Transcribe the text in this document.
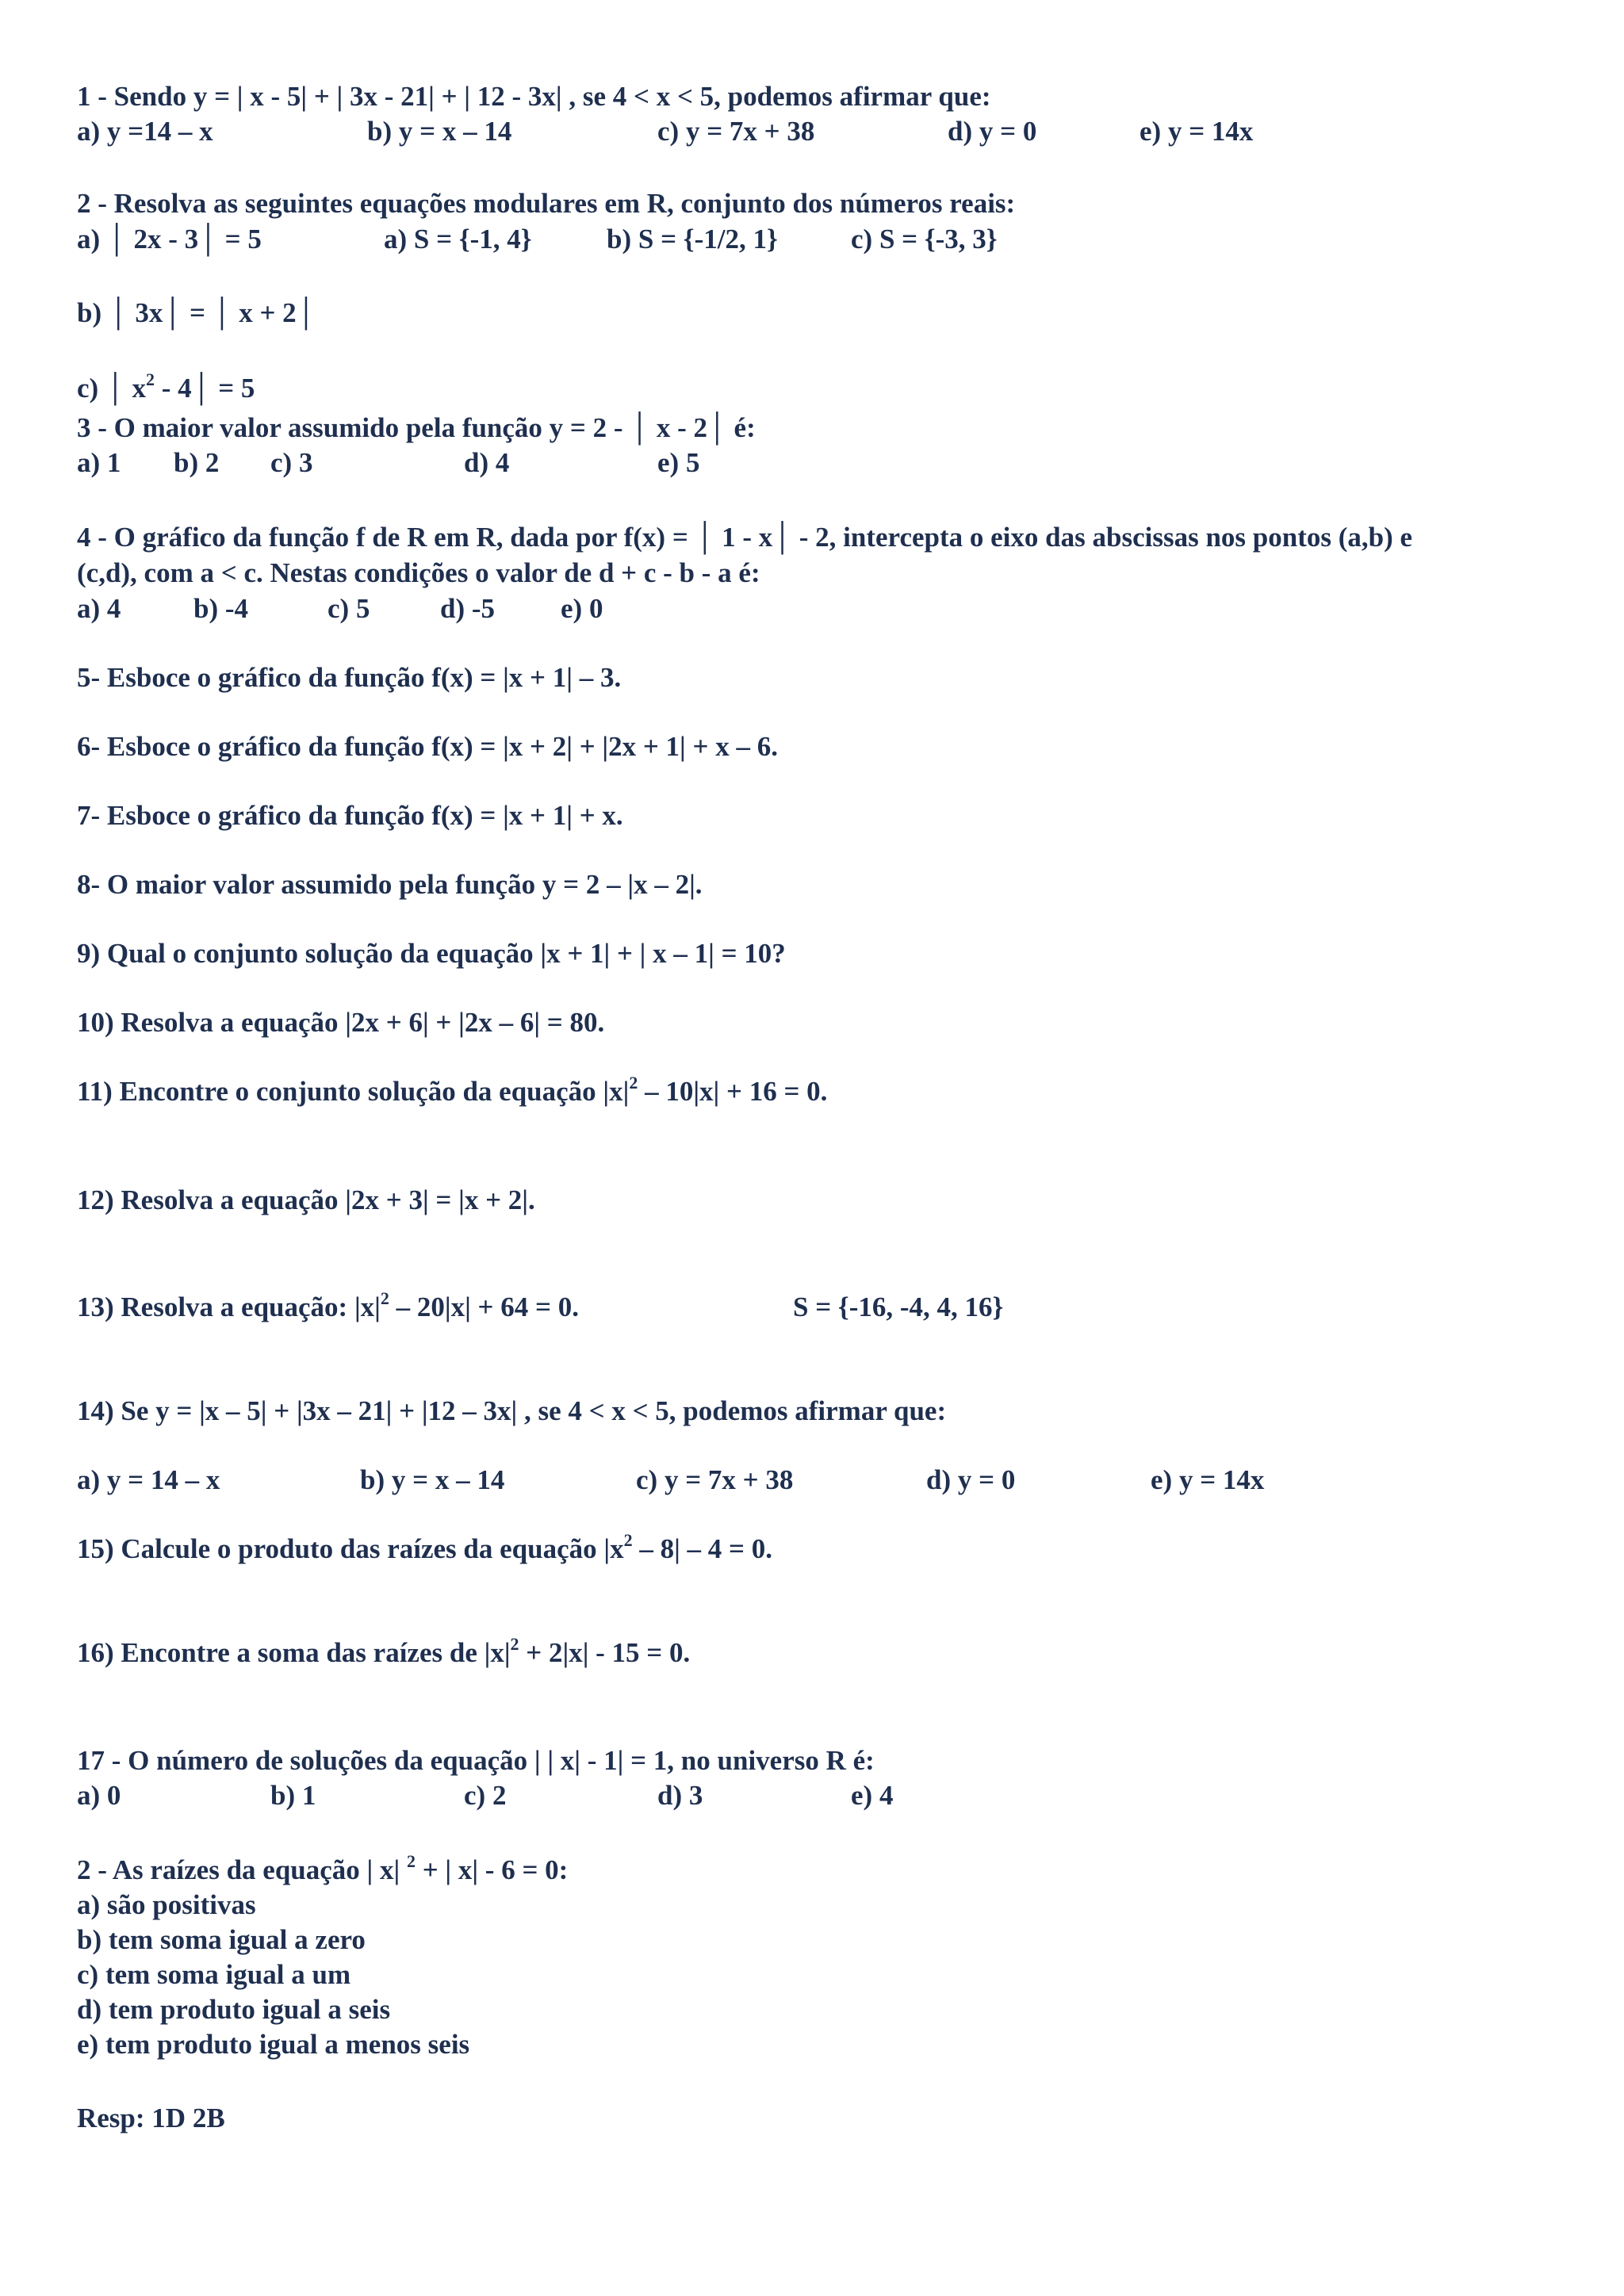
1 - Sendo y = | x - 5| + | 3x - 21| + | 12 - 3x| , se 4 < x < 5, podemos afirmar que:
a) y =14 – x	b) y = x – 14	c) y = 7x + 38	d) y = 0	e) y = 14x
2 - Resolva as seguintes equações modulares em R, conjunto dos números reais:
a) │ 2x - 3│ = 5	a) S = {-1, 4}	b) S = {-1/2, 1}	c) S = {-3, 3}
b) │ 3x│ = │ x + 2│
c) │ $x^2$ - 4│ = 5
3 - O maior valor assumido pela função y = 2 - │ x - 2│ é:
a) 1 b) 2 c) 3	d) 4	e) 5
4 - O gráfico da função f de R em R, dada por f(x) = │ 1 - x│ - 2, intercepta o eixo das abscissas nos pontos (a,b) e
(c,d), com a < c. Nestas condições o valor de d + c - b - a é:
a) 4	b) -4	c) 5	d) -5 e) 0
5- Esboce o gráfico da função f(x) = |x + 1| – 3.
6- Esboce o gráfico da função f(x) = |x + 2| + |2x + 1| + x – 6.
7- Esboce o gráfico da função f(x) = |x + 1| + x.
8- O maior valor assumido pela função y = 2 – |x – 2|.
9) Qual o conjunto solução da equação |x + 1| + | x – 1| = 10?
10) Resolva a equação |2x + 6| + |2x – 6| = 80.
11) Encontre o conjunto solução da equação $|x|^2 - 10|x| + 16 = 0$.
12) Resolva a equação |2x + 3| = |x + 2|.
13) Resolva a equação: $|x|^2 - 20|x| + 64 = 0$.	S = {-16, -4, 4, 16}
14) Se y = |x – 5| + |3x – 21| + |12 – 3x| , se 4 < x < 5, podemos afirmar que:
a) y = 14 – x	b) y = x – 14	c) y = 7x + 38	d) y = 0	e) y = 14x
15) Calcule o produto das raízes da equação $|x^2 - 8| - 4 = 0$.
16) Encontre a soma das raízes de $|x|^2 + 2|x| - 15 = 0$.
17 - O número de soluções da equação | | x| - 1| = 1, no universo R é:
a) 0	b) 1	c) 2	d) 3	e) 4
2 - As raízes da equação | x| $^2$ + | x| - 6 = 0:
a) são positivas
b) tem soma igual a zero
c) tem soma igual a um
d) tem produto igual a seis
e) tem produto igual a menos seis
Resp: 1D 2B
